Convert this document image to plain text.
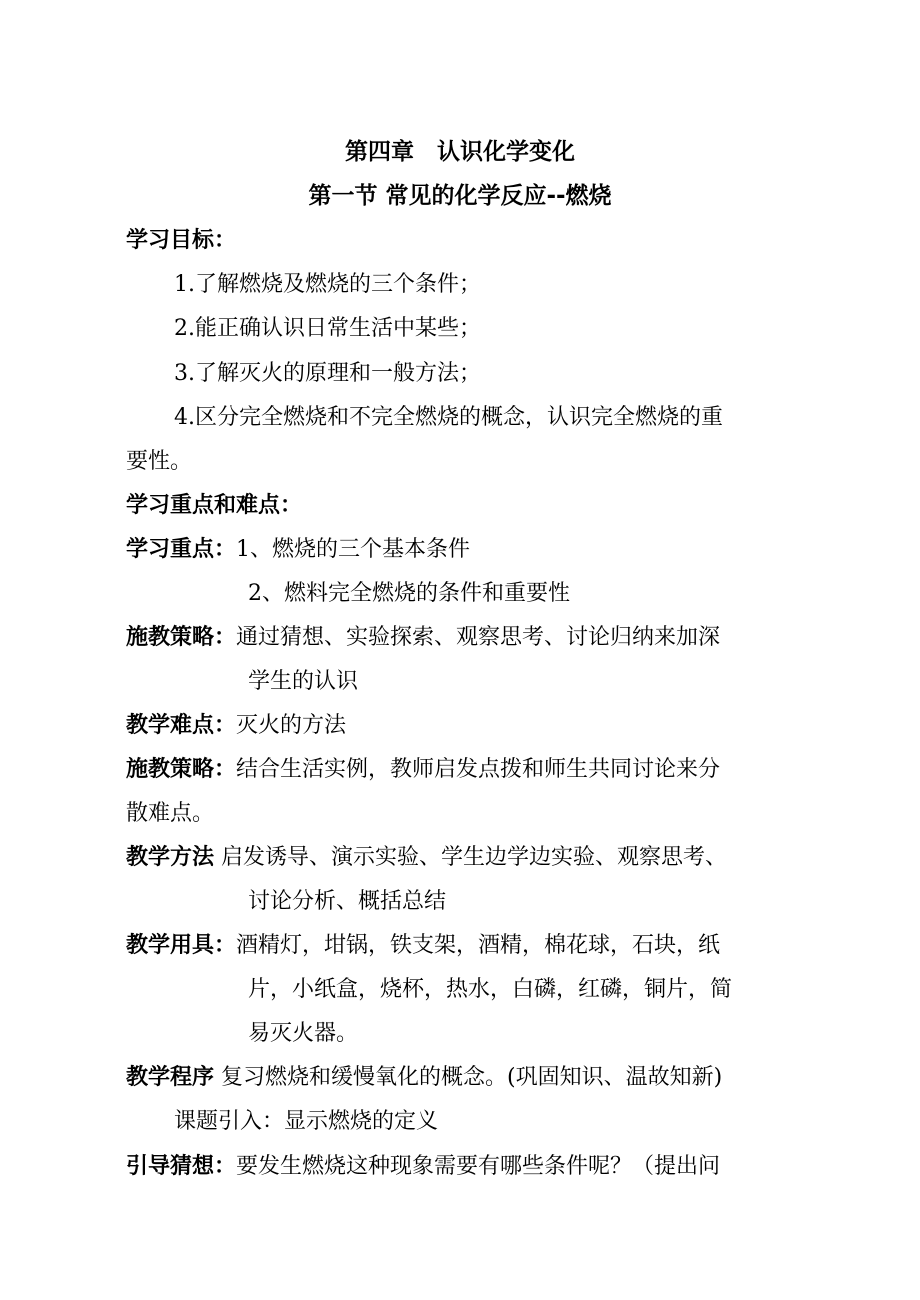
第四章　认识化学变化
第一节 常见的化学反应--燃烧
学习目标：
1.了解燃烧及燃烧的三个条件；
2.能正确认识日常生活中某些；
3.了解灭火的原理和一般方法；
4.区分完全燃烧和不完全燃烧的概念，认识完全燃烧的重
要性。
学习重点和难点：
学习重点：1、燃烧的三个基本条件
2、燃料完全燃烧的条件和重要性
施教策略：通过猜想、实验探索、观察思考、讨论归纳来加深
学生的认识
教学难点：灭火的方法
施教策略：结合生活实例，教师启发点拨和师生共同讨论来分
散难点。
教学方法 启发诱导、演示实验、学生边学边实验、观察思考、
讨论分析、概括总结
教学用具：酒精灯，坩锅，铁支架，酒精，棉花球，石块，纸
片，小纸盒，烧杯，热水，白磷，红磷，铜片，简
易灭火器。
教学程序 复习燃烧和缓慢氧化的概念。(巩固知识、温故知新)
课题引入：显示燃烧的定义
引导猜想：要发生燃烧这种现象需要有哪些条件呢？（提出问
